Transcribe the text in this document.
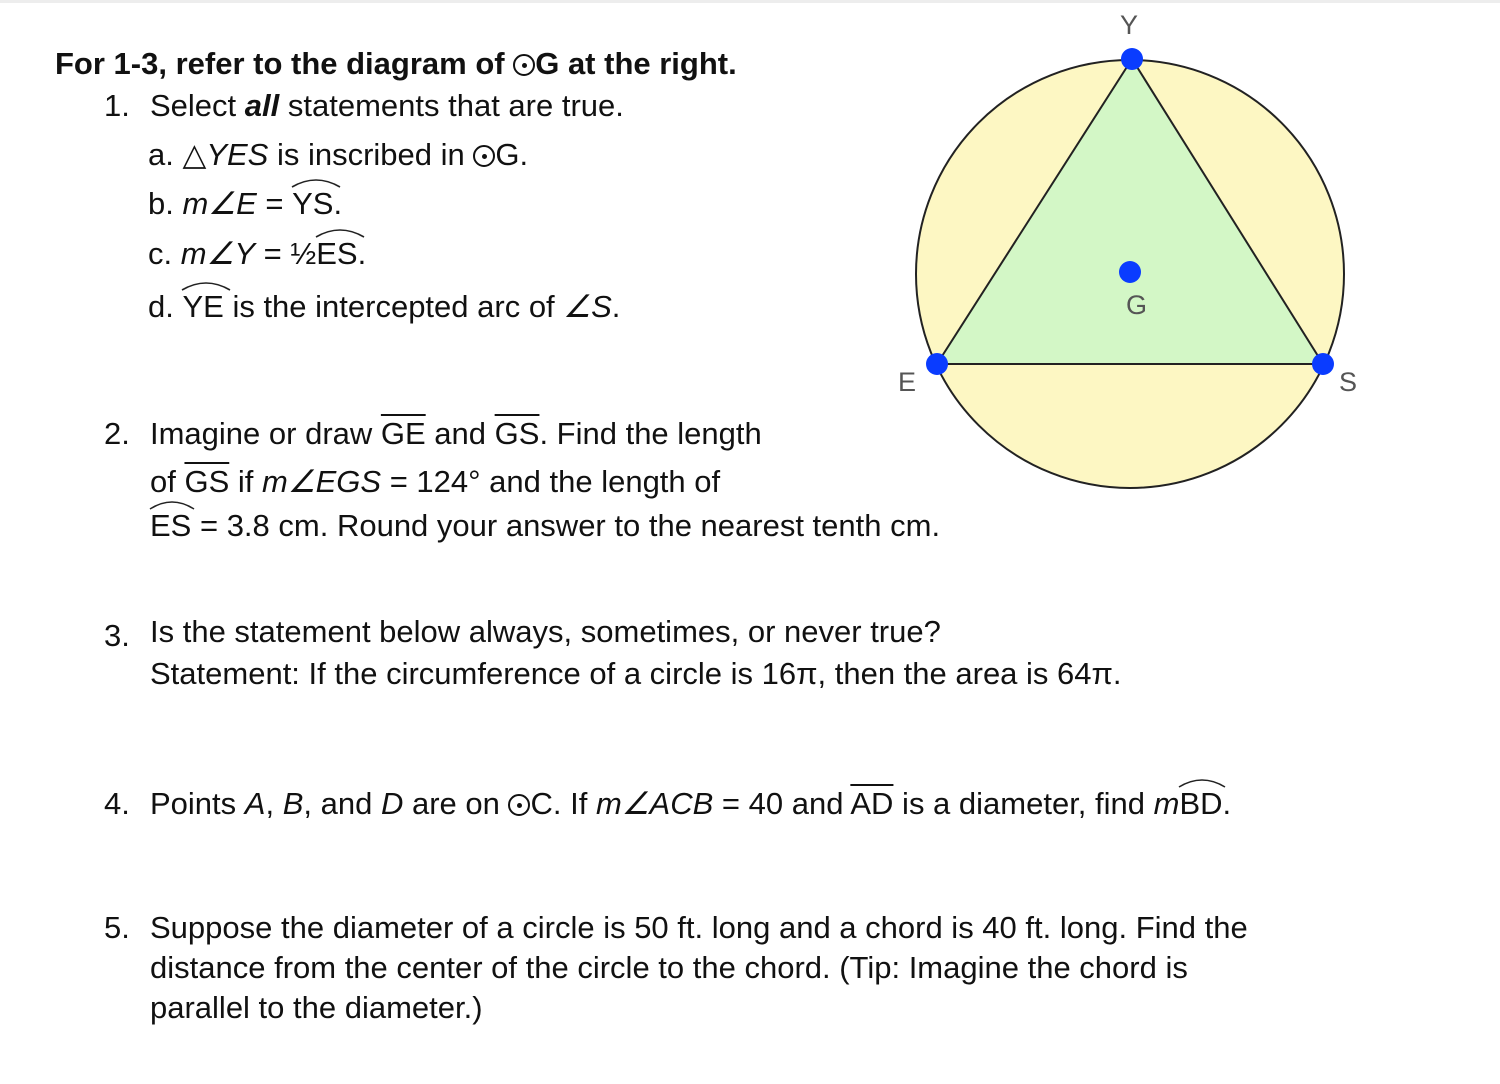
For 1-3, refer to the diagram of G at the right.
1. Select all statements that are true.
a. △YES is inscribed in G.
b. m∠E =
YS.
c. m∠Y = ½
ES.
d.
YE is the intercepted arc of ∠S.
2. Imagine or draw $\overline{GE}$ and $\overline{GS}$. Find the length
of $\overline{GS}$ if m∠EGS = 124° and the length of
ES = 3.8 cm. Round your answer to the nearest tenth cm.
3. Is the statement below always, sometimes, or never true?
Statement: If the circumference of a circle is 16π, then the area is 64π.
4. Points A, B, and D are on C. If m∠ACB = 40 and $\overline{AD}$ is a diameter, find m
BD.
5. Suppose the diameter of a circle is 50 ft. long and a chord is 40 ft. long. Find the
distance from the center of the circle to the chord. (Tip: Imagine the chord is
parallel to the diameter.)
Y
G
E	S
